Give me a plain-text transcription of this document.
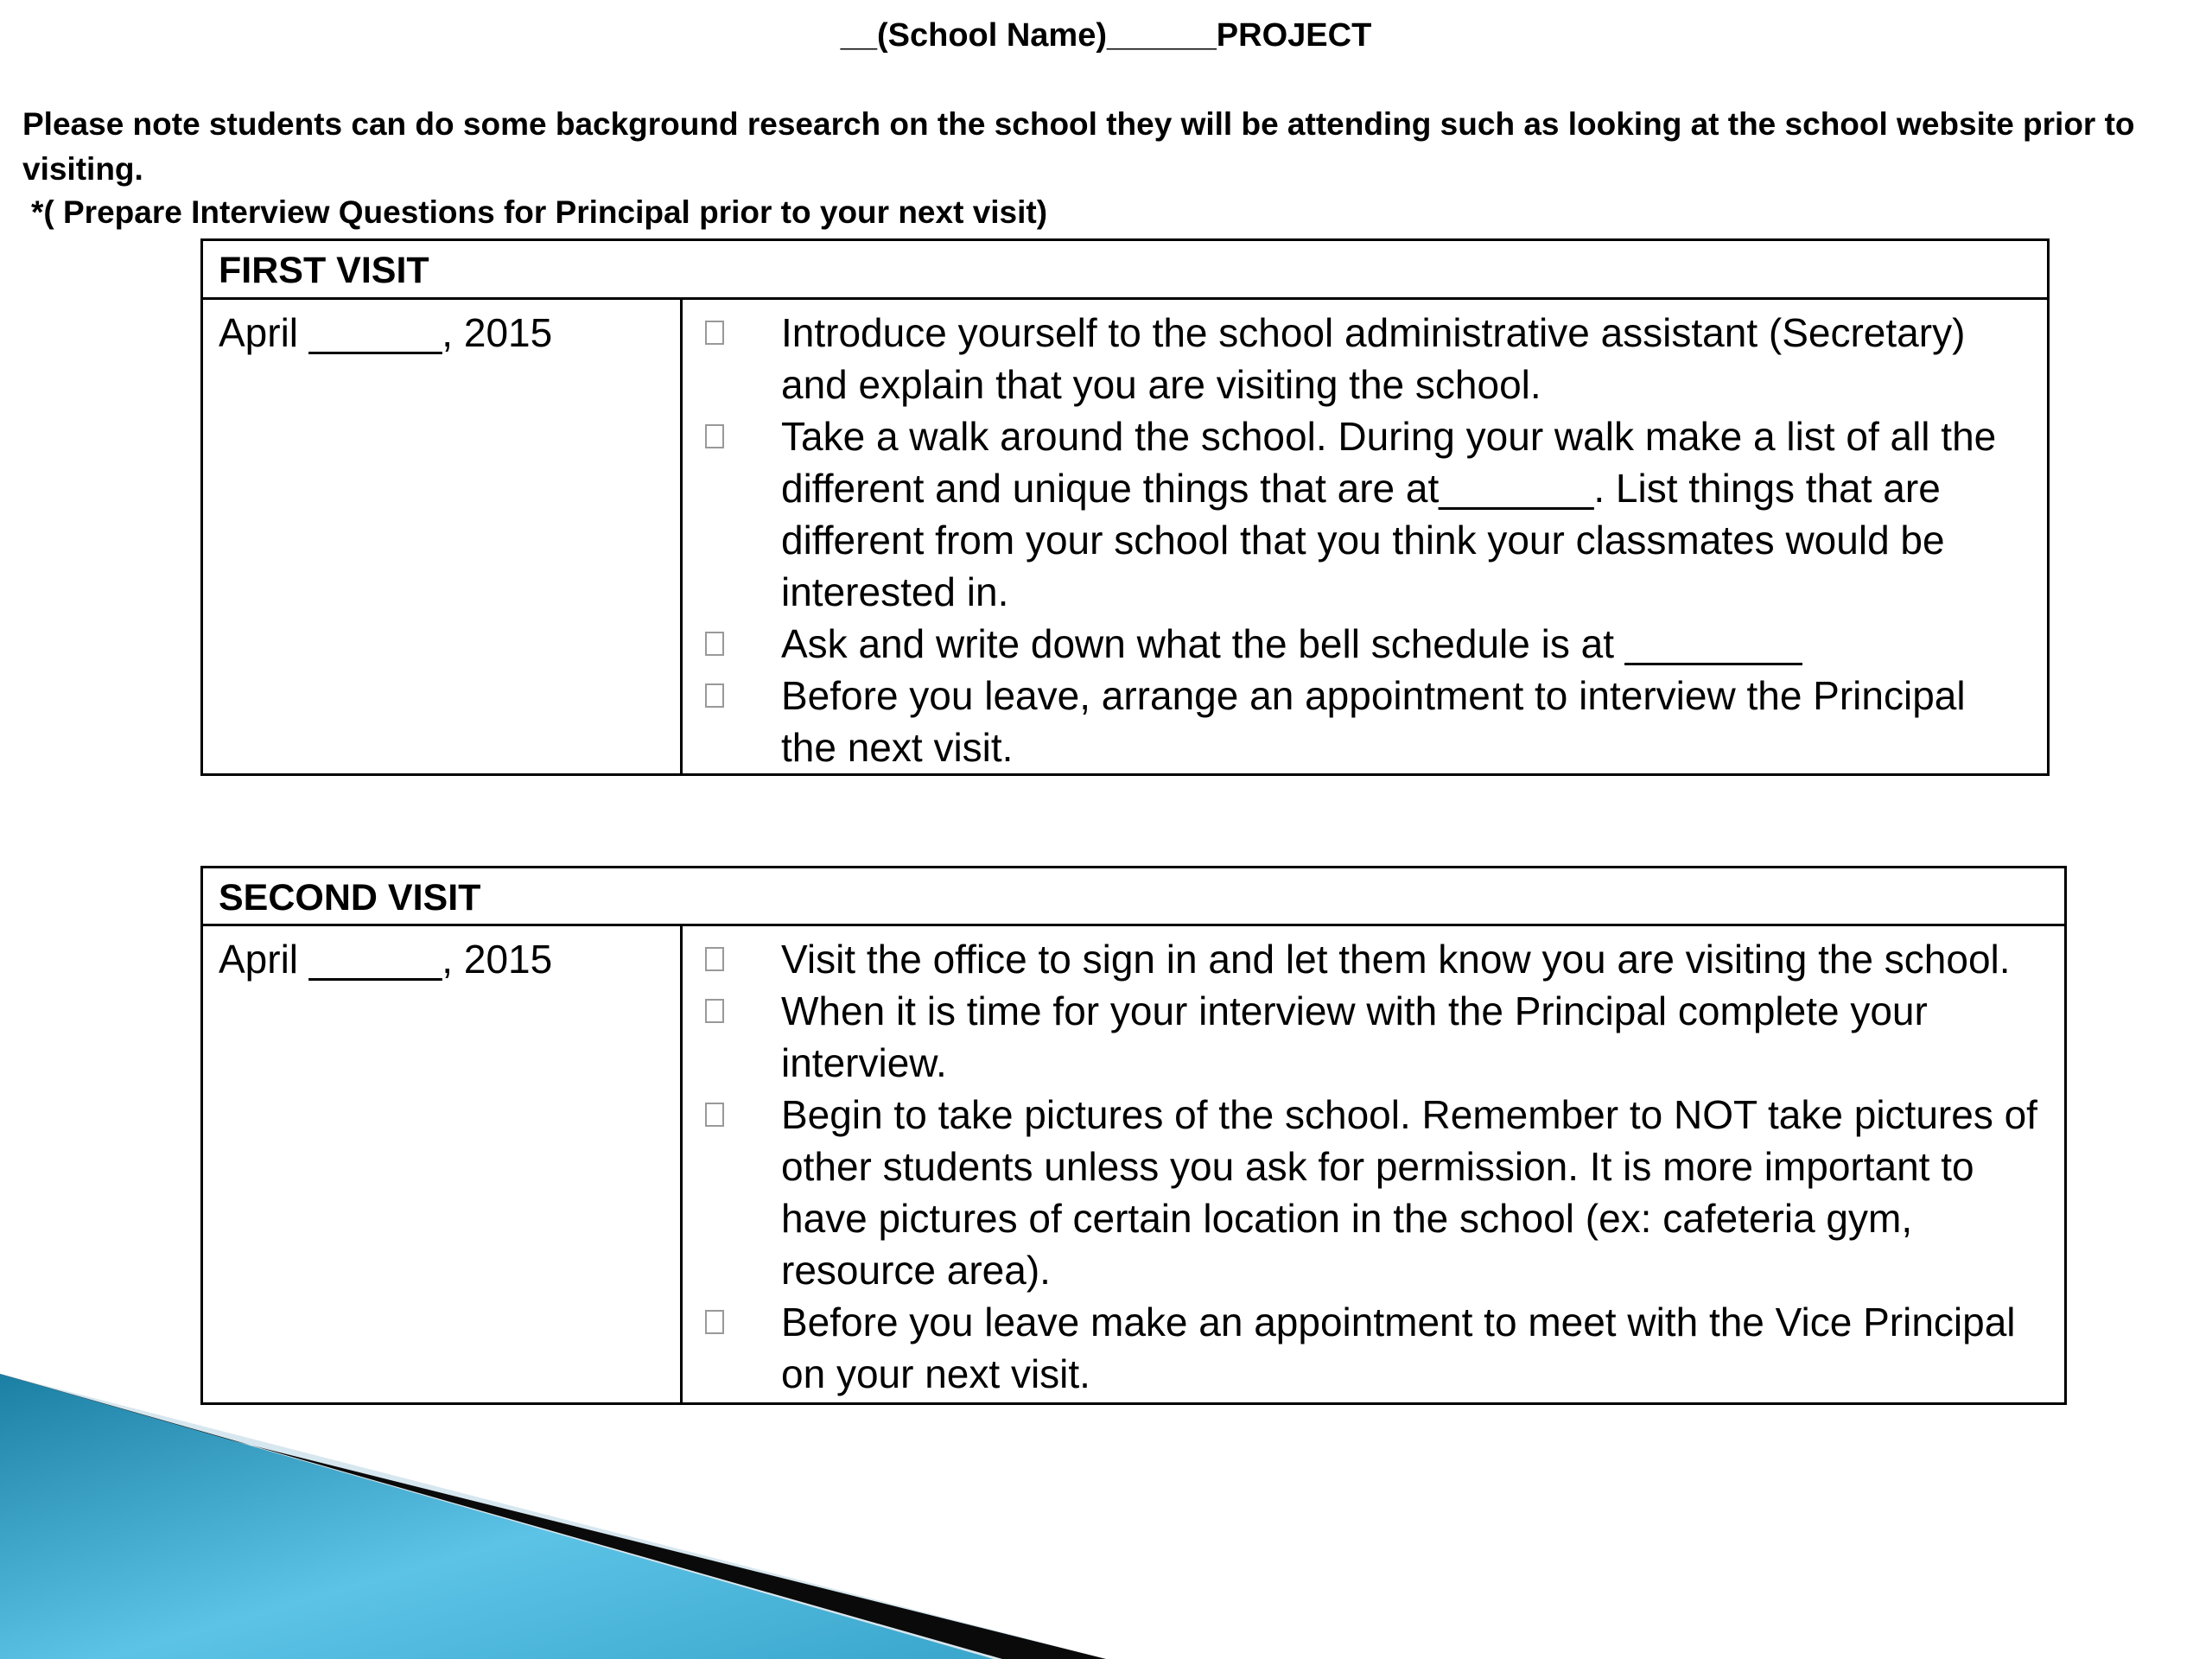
__(School Name)______PROJECT
Please note students can do some background research on the school they will be attending such as looking at the school website prior to visiting.
*( Prepare Interview Questions for Principal prior to your next visit)
FIRST VISIT
April ______, 2015	Introduce yourself to the school administrative assistant (Secretary) and explain that you are visiting the school.
Take a walk around the school. During your walk make a list of all the different and unique things that are at_______. List things that are different from your school that you think your classmates would be interested in.
Ask and write down what the bell schedule is at ________
Before you leave, arrange an appointment to interview the Principal the next visit.
SECOND VISIT
April ______, 2015	Visit the office to sign in and let them know you are visiting the school.
When it is time for your interview with the Principal complete your interview.
Begin to take pictures of the school. Remember to NOT take pictures of other students unless you ask for permission. It is more important to have pictures of certain location in the school (ex: cafeteria gym, resource area).
Before you leave make an appointment to meet with the Vice Principal on your next visit.
